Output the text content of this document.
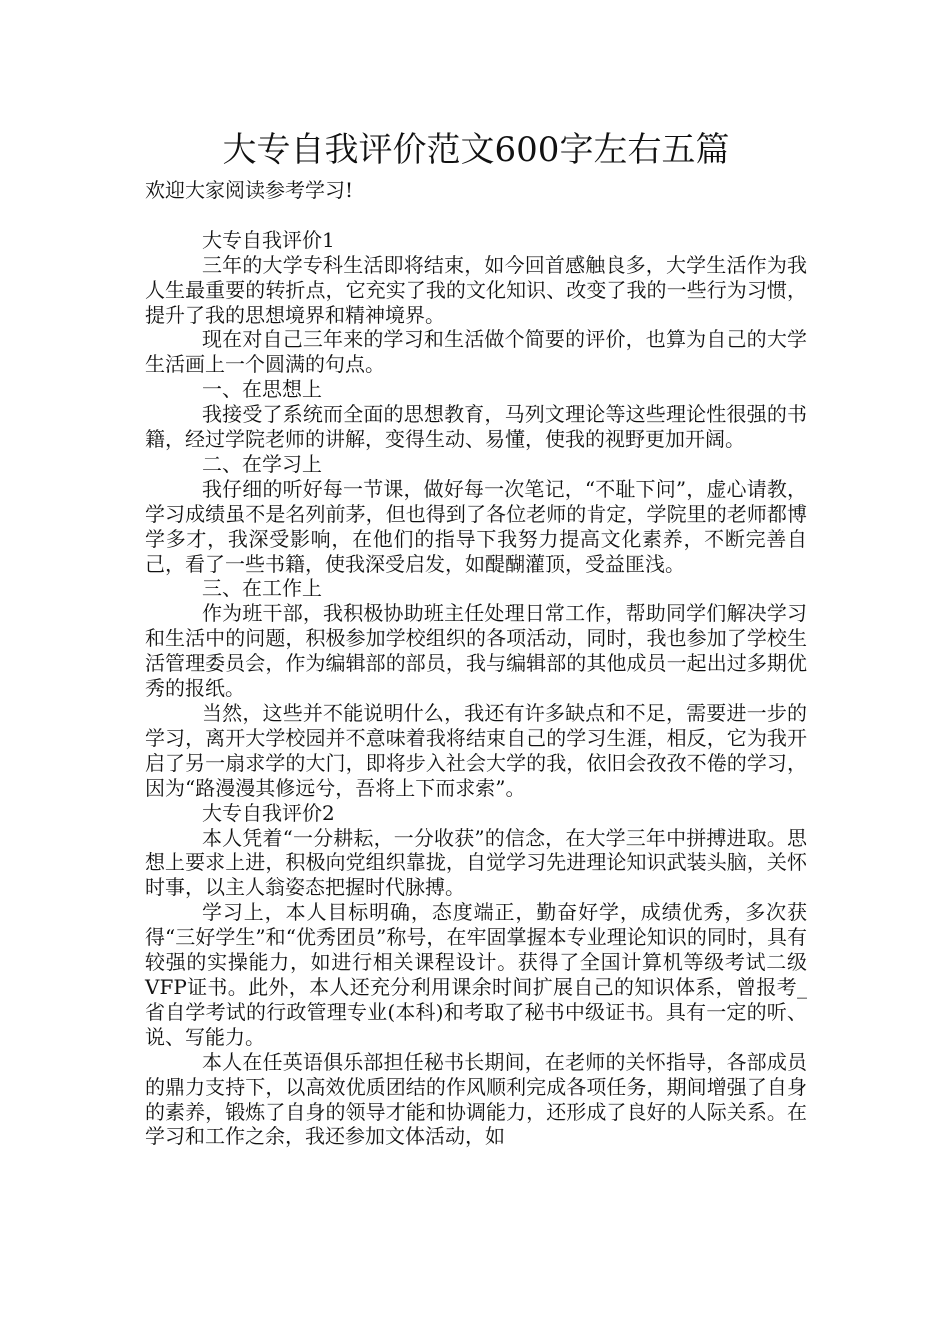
大专自我评价范文600字左右五篇

欢迎大家阅读参考学习!

大专自我评价1

三年的大学专科生活即将结束，如今回首感触良多，大学生活作为我人生最重要的转折点，它充实了我的文化知识、改变了我的一些行为习惯，提升了我的思想境界和精神境界。

现在对自己三年来的学习和生活做个简要的评价，也算为自己的大学生活画上一个圆满的句点。

一、在思想上

我接受了系统而全面的思想教育，马列文理论等这些理论性很强的书籍，经过学院老师的讲解，变得生动、易懂，使我的视野更加开阔。

二、在学习上

我仔细的听好每一节课，做好每一次笔记，“不耻下问”，虚心请教，学习成绩虽不是名列前茅，但也得到了各位老师的肯定，学院里的老师都博学多才，我深受影响，在他们的指导下我努力提高文化素养，不断完善自己，看了一些书籍，使我深受启发，如醍醐灌顶，受益匪浅。

三、在工作上

作为班干部，我积极协助班主任处理日常工作，帮助同学们解决学习和生活中的问题，积极参加学校组织的各项活动，同时，我也参加了学校生活管理委员会，作为编辑部的部员，我与编辑部的其他成员一起出过多期优秀的报纸。

当然，这些并不能说明什么，我还有许多缺点和不足，需要进一步的学习，离开大学校园并不意味着我将结束自己的学习生涯，相反，它为我开启了另一扇求学的大门，即将步入社会大学的我，依旧会孜孜不倦的学习，因为“路漫漫其修远兮，吾将上下而求索”。

大专自我评价2

本人凭着“一分耕耘，一分收获”的信念，在大学三年中拼搏进取。思想上要求上进，积极向党组织靠拢，自觉学习先进理论知识武装头脑，关怀时事，以主人翁姿态把握时代脉搏。

学习上，本人目标明确，态度端正，勤奋好学，成绩优秀，多次获得“三好学生”和“优秀团员”称号，在牢固掌握本专业理论知识的同时，具有较强的实操能力，如进行相关课程设计。获得了全国计算机等级考试二级VFP证书。此外，本人还充分利用课余时间扩展自己的知识体系，曾报考_省自学考试的行政管理专业(本科)和考取了秘书中级证书。具有一定的听、说、写能力。

本人在任英语俱乐部担任秘书长期间，在老师的关怀指导，各部成员的鼎力支持下，以高效优质团结的作风顺利完成各项任务，期间增强了自身的素养，锻炼了自身的领导才能和协调能力，还形成了良好的人际关系。在学习和工作之余，我还参加文体活动，如
